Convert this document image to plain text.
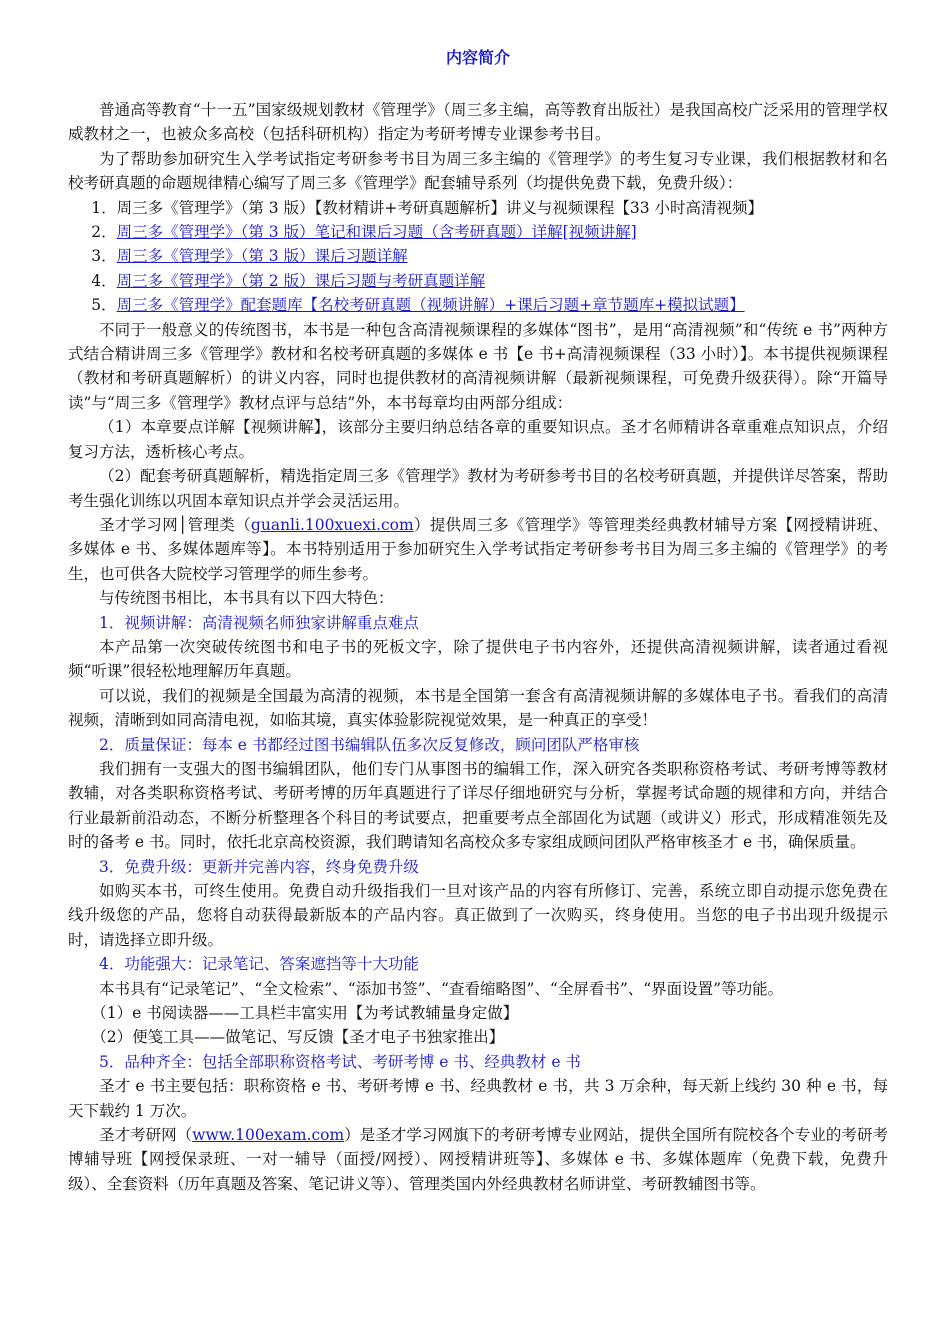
内容简介

普通高等教育“十一五”国家级规划教材《管理学》（周三多主编，高等教育出版社）是我国高校广泛采用的管理学权威教材之一，也被众多高校（包括科研机构）指定为考研考博专业课参考书目。

为了帮助参加研究生入学考试指定考研参考书目为周三多主编的《管理学》的考生复习专业课，我们根据教材和名校考研真题的命题规律精心编写了周三多《管理学》配套辅导系列（均提供免费下载，免费升级）：

1．周三多《管理学》（第 3 版）【教材精讲+考研真题解析】讲义与视频课程【33 小时高清视频】

2．周三多《管理学》（第 3 版）笔记和课后习题（含考研真题）详解[视频讲解]

3．周三多《管理学》（第 3 版）课后习题详解

4．周三多《管理学》（第 2 版）课后习题与考研真题详解

5．周三多《管理学》配套题库【名校考研真题（视频讲解）+课后习题+章节题库+模拟试题】

不同于一般意义的传统图书，本书是一种包含高清视频课程的多媒体“图书”，是用“高清视频”和“传统 e 书”两种方式结合精讲周三多《管理学》教材和名校考研真题的多媒体 e 书【e 书+高清视频课程（33 小时）】。本书提供视频课程（教材和考研真题解析）的讲义内容，同时也提供教材的高清视频讲解（最新视频课程，可免费升级获得）。除“开篇导读”与“周三多《管理学》教材点评与总结”外，本书每章均由两部分组成：

（1）本章要点详解【视频讲解】，该部分主要归纳总结各章的重要知识点。圣才名师精讲各章重难点知识点，介绍复习方法，透析核心考点。

（2）配套考研真题解析，精选指定周三多《管理学》教材为考研参考书目的名校考研真题，并提供详尽答案，帮助考生强化训练以巩固本章知识点并学会灵活运用。

圣才学习网│管理类（guanli.100xuexi.com）提供周三多《管理学》等管理类经典教材辅导方案【网授精讲班、多媒体 e 书、多媒体题库等】。本书特别适用于参加研究生入学考试指定考研参考书目为周三多主编的《管理学》的考生，也可供各大院校学习管理学的师生参考。

与传统图书相比，本书具有以下四大特色：

1．视频讲解：高清视频名师独家讲解重点难点

本产品第一次突破传统图书和电子书的死板文字，除了提供电子书内容外，还提供高清视频讲解，读者通过看视频“听课”很轻松地理解历年真题。

可以说，我们的视频是全国最为高清的视频，本书是全国第一套含有高清视频讲解的多媒体电子书。看我们的高清视频，清晰到如同高清电视，如临其境，真实体验影院视觉效果，是一种真正的享受！

2．质量保证：每本 e 书都经过图书编辑队伍多次反复修改，顾问团队严格审核

我们拥有一支强大的图书编辑团队，他们专门从事图书的编辑工作，深入研究各类职称资格考试、考研考博等教材教辅，对各类职称资格考试、考研考博的历年真题进行了详尽仔细地研究与分析，掌握考试命题的规律和方向，并结合行业最新前沿动态，不断分析整理各个科目的考试要点，把重要考点全部固化为试题（或讲义）形式，形成精准领先及时的备考 e 书。同时，依托北京高校资源，我们聘请知名高校众多专家组成顾问团队严格审核圣才 e 书，确保质量。

3．免费升级：更新并完善内容，终身免费升级

如购买本书，可终生使用。免费自动升级指我们一旦对该产品的内容有所修订、完善，系统立即自动提示您免费在线升级您的产品，您将自动获得最新版本的产品内容。真正做到了一次购买，终身使用。当您的电子书出现升级提示时，请选择立即升级。

4．功能强大：记录笔记、答案遮挡等十大功能

本书具有“记录笔记”、“全文检索”、“添加书签”、“查看缩略图”、“全屏看书”、“界面设置”等功能。

（1）e 书阅读器——工具栏丰富实用【为考试教辅量身定做】

（2）便笺工具——做笔记、写反馈【圣才电子书独家推出】

5．品种齐全：包括全部职称资格考试、考研考博 e 书、经典教材 e 书

圣才 e 书主要包括：职称资格 e 书、考研考博 e 书、经典教材 e 书，共 3 万余种，每天新上线约 30 种 e 书，每天下载约 1 万次。

圣才考研网（www.100exam.com）是圣才学习网旗下的考研考博专业网站，提供全国所有院校各个专业的考研考博辅导班【网授保录班、一对一辅导（面授/网授）、网授精讲班等】、多媒体 e 书、多媒体题库（免费下载，免费升级）、全套资料（历年真题及答案、笔记讲义等）、管理类国内外经典教材名师讲堂、考研教辅图书等。
